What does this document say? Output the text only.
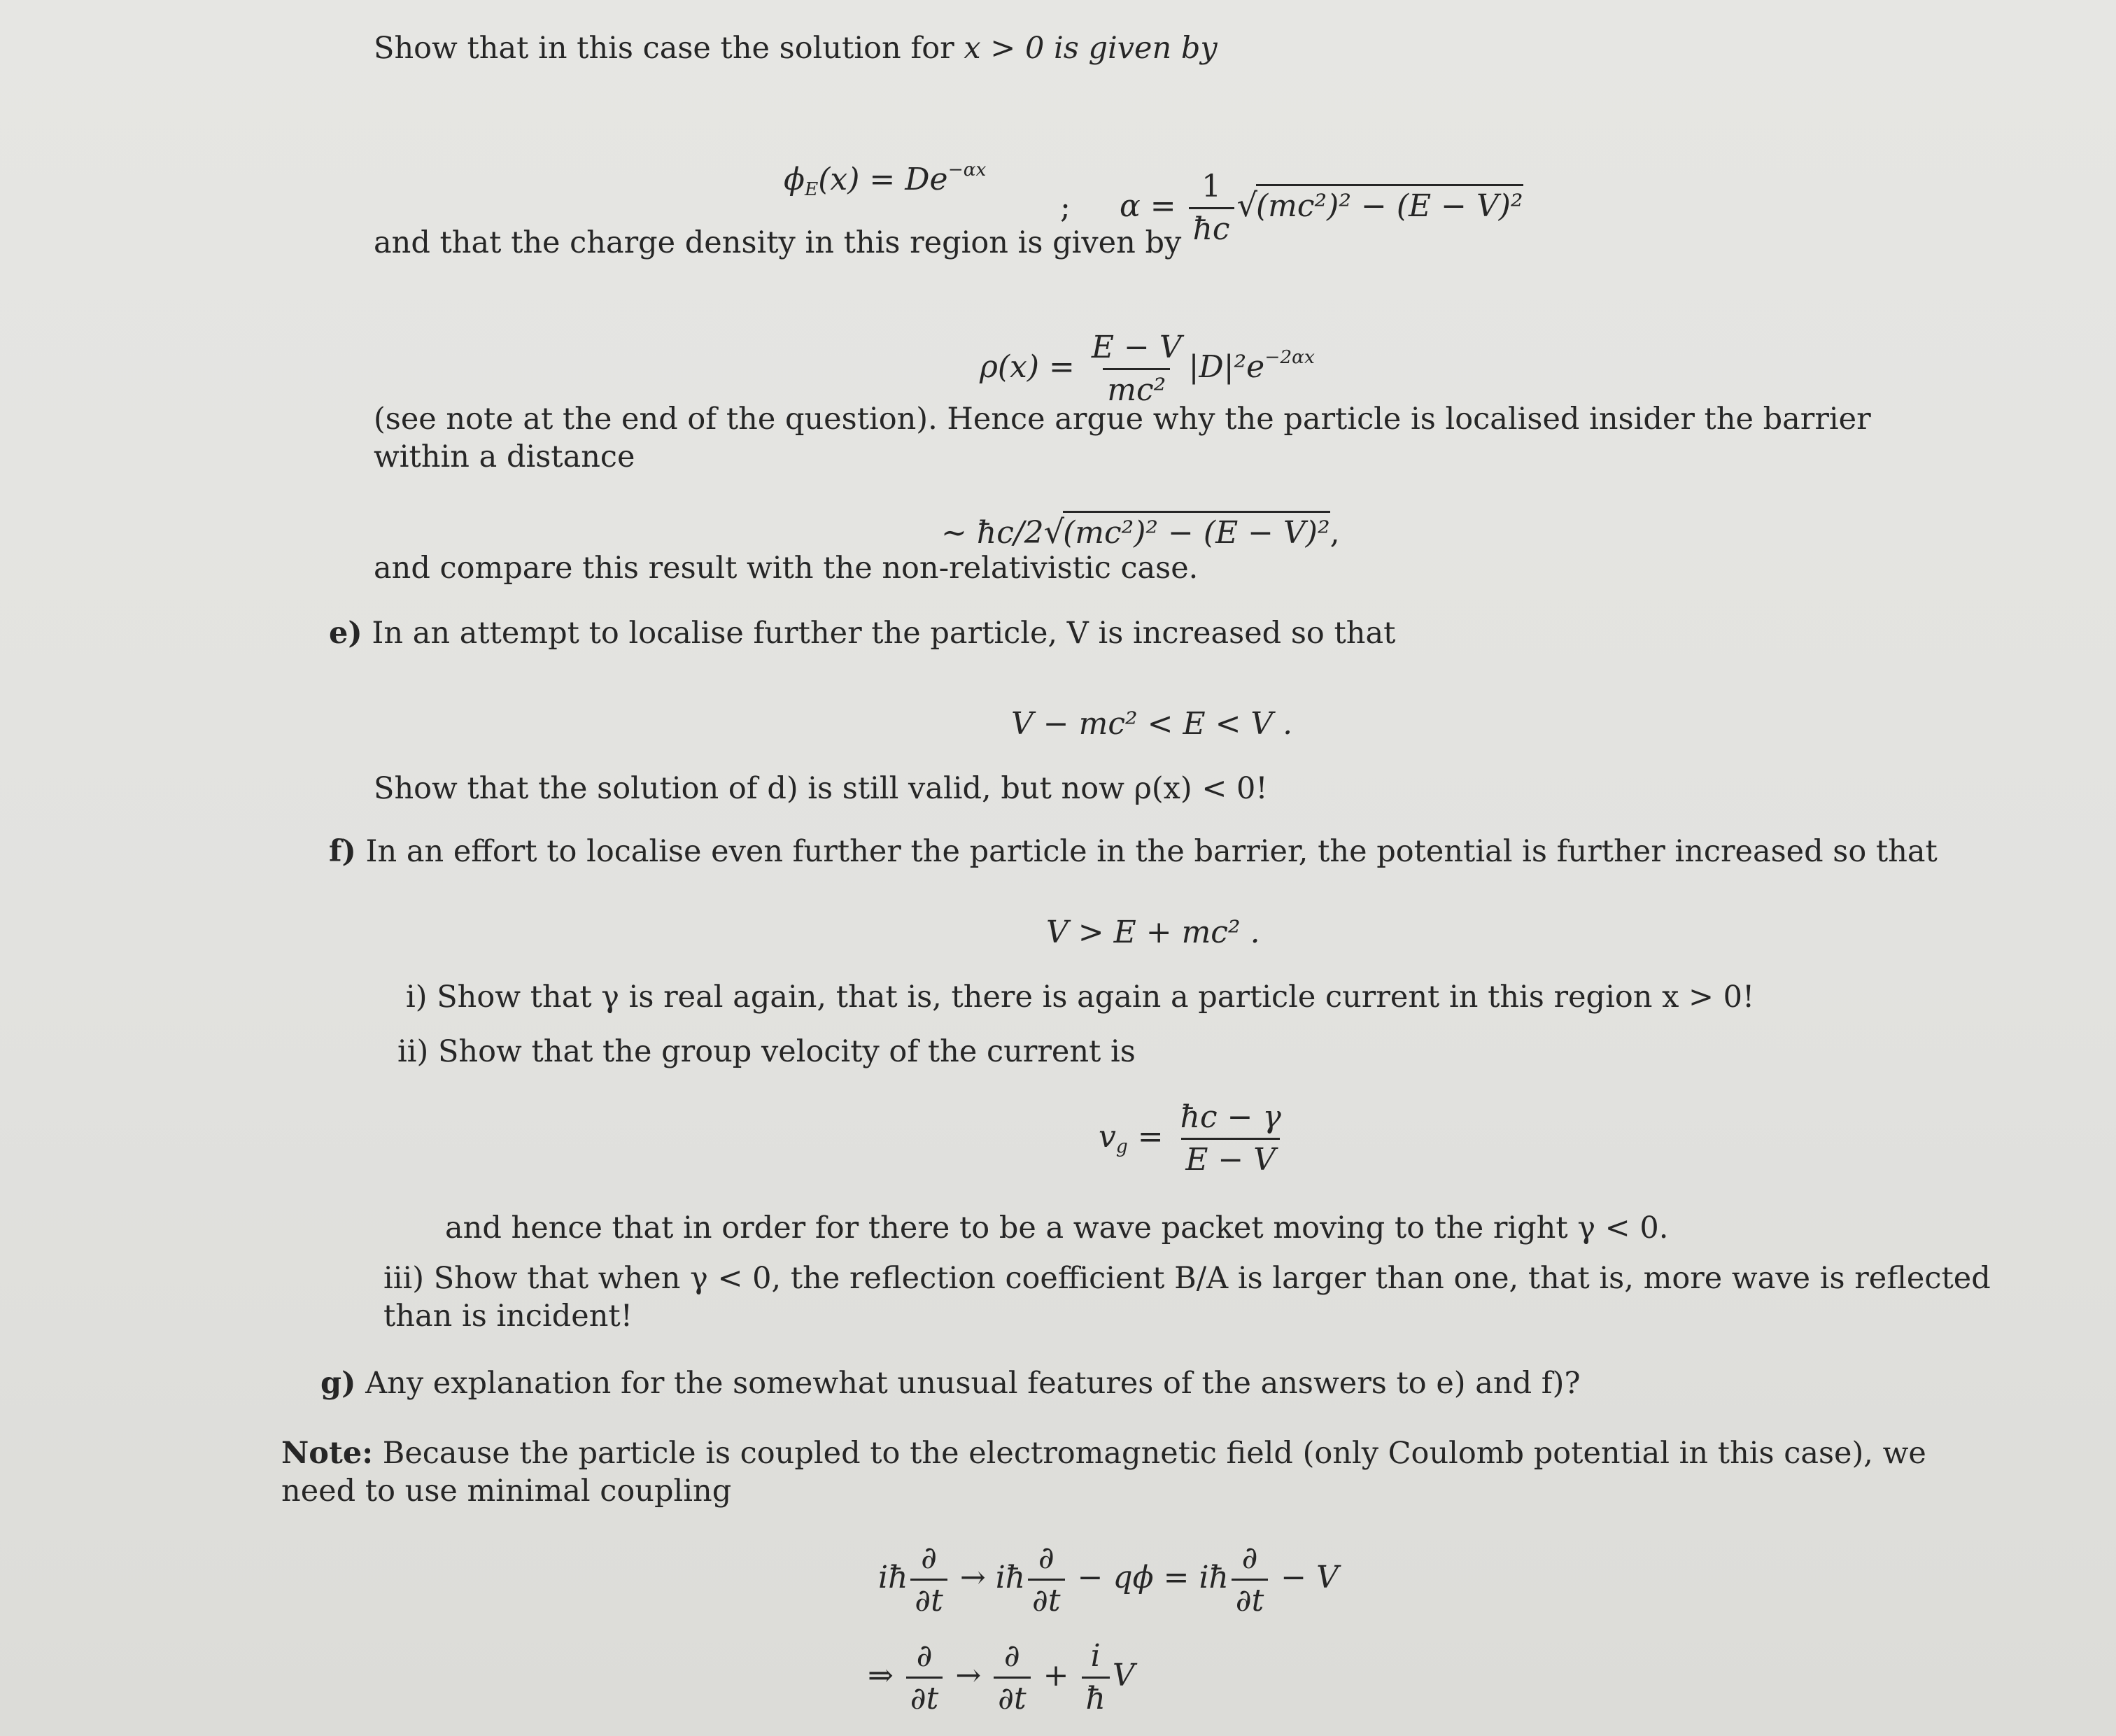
Show that in this case the solution for x > 0 is given by
$\phi_E(x) = De^{-\alpha x}$
; $\alpha = \frac{1}{ħc} √(mc^2)^2 - (E - V)^2$
and that the charge density in this region is given by
$\rho(x) = \frac{E - V}{\text{mc²}} |D|^2e^{-2\alpha x}$
(see note at the end of the question). Hence argue why the particle is localised insider the barrier within a distance
∼ ħc/2√(mc²)² − (E − V)²,
and compare this result with the non-relativistic case.
e) In an attempt to localise further the particle, V is increased so that
V − mc² < E < V .
Show that the solution of d) is still valid, but now ρ(x) < 0!
f) In an effort to localise even further the particle in the barrier, the potential is further increased so that
V > E + mc² .
i) Show that γ is real again, that is, there is again a particle current in this region x > 0!
ii) Show that the group velocity of the current is
$v_g = \frac{ħc - \gamma}{E - V}$
and hence that in order for there to be a wave packet moving to the right γ < 0.
iii) Show that when γ < 0, the reflection coefficient B/A is larger than one, that is, more wave is reflected than is incident!
g) Any explanation for the somewhat unusual features of the answers to e) and f)?
Note: Because the particle is coupled to the electromagnetic field (only Coulomb potential in this case), we need to use minimal coupling
iħ $\frac{\partial}{\partial t}$ → iħ $\frac{\partial}{\partial t} - q\phi$ = iħ $\frac{\partial}{\partial t} - V$
⇒ $\frac{\partial}{\partial t} \to \frac{\partial}{\partial t} + \frac{i}{ħ}$ V
